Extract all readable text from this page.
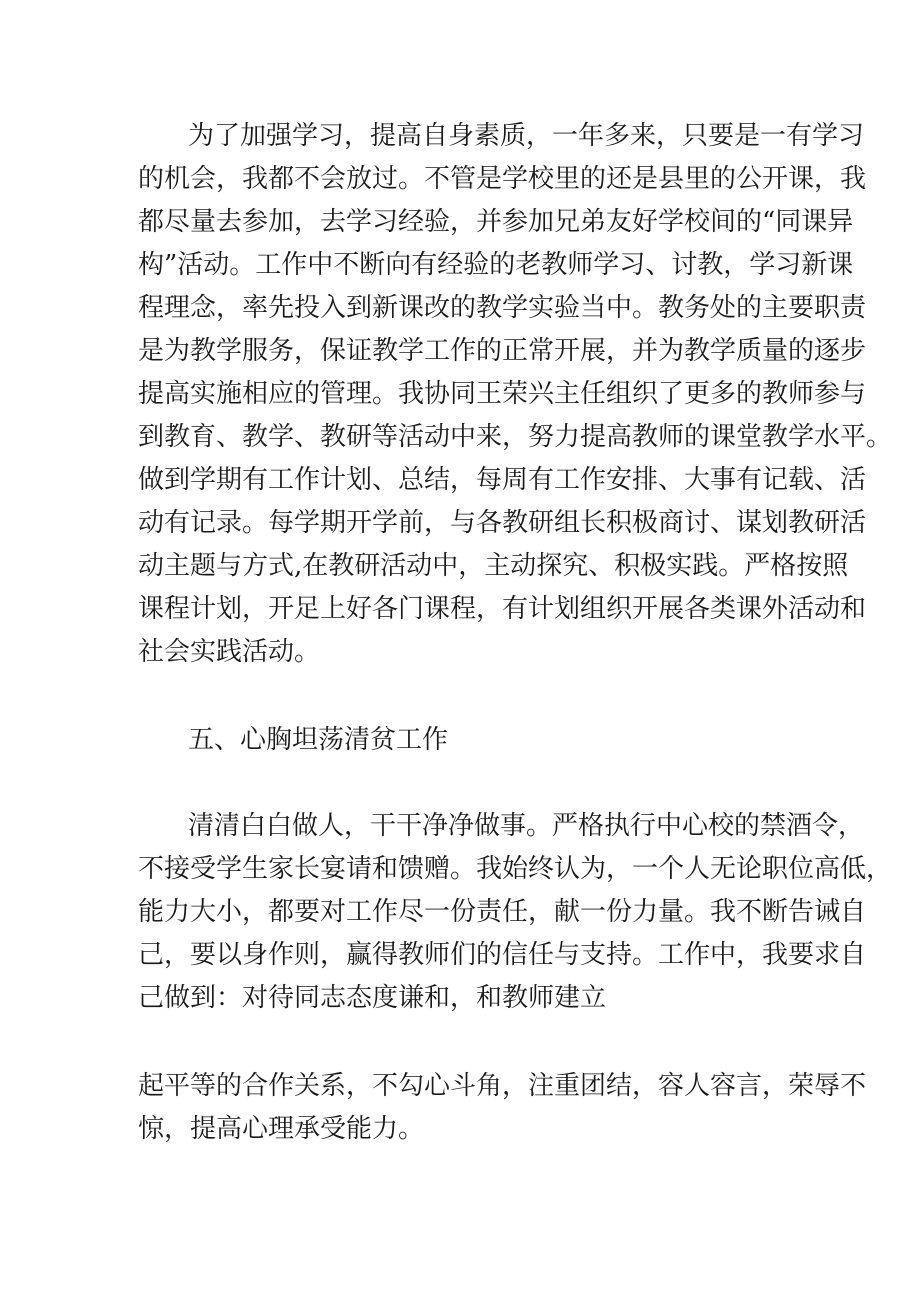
为了加强学习，提高自身素质，一年多来，只要是一有学习
的机会，我都不会放过。不管是学校里的还是县里的公开课，我
都尽量去参加，去学习经验，并参加兄弟友好学校间的“同课异
构”活动。工作中不断向有经验的老教师学习、讨教，学习新课
程理念，率先投入到新课改的教学实验当中。教务处的主要职责
是为教学服务，保证教学工作的正常开展，并为教学质量的逐步
提高实施相应的管理。我协同王荣兴主任组织了更多的教师参与
到教育、教学、教研等活动中来，努力提高教师的课堂教学水平。
做到学期有工作计划、总结，每周有工作安排、大事有记载、活
动有记录。每学期开学前，与各教研组长积极商讨、谋划教研活
动主题与方式,在教研活动中，主动探究、积极实践。严格按照
课程计划，开足上好各门课程，有计划组织开展各类课外活动和
社会实践活动。
五、心胸坦荡清贫工作
清清白白做人，干干净净做事。严格执行中心校的禁酒令，
不接受学生家长宴请和馈赠。我始终认为，一个人无论职位高低，
能力大小，都要对工作尽一份责任，献一份力量。我不断告诫自
己，要以身作则，赢得教师们的信任与支持。工作中，我要求自
己做到：对待同志态度谦和，和教师建立
起平等的合作关系，不勾心斗角，注重团结，容人容言，荣辱不
惊，提高心理承受能力。
